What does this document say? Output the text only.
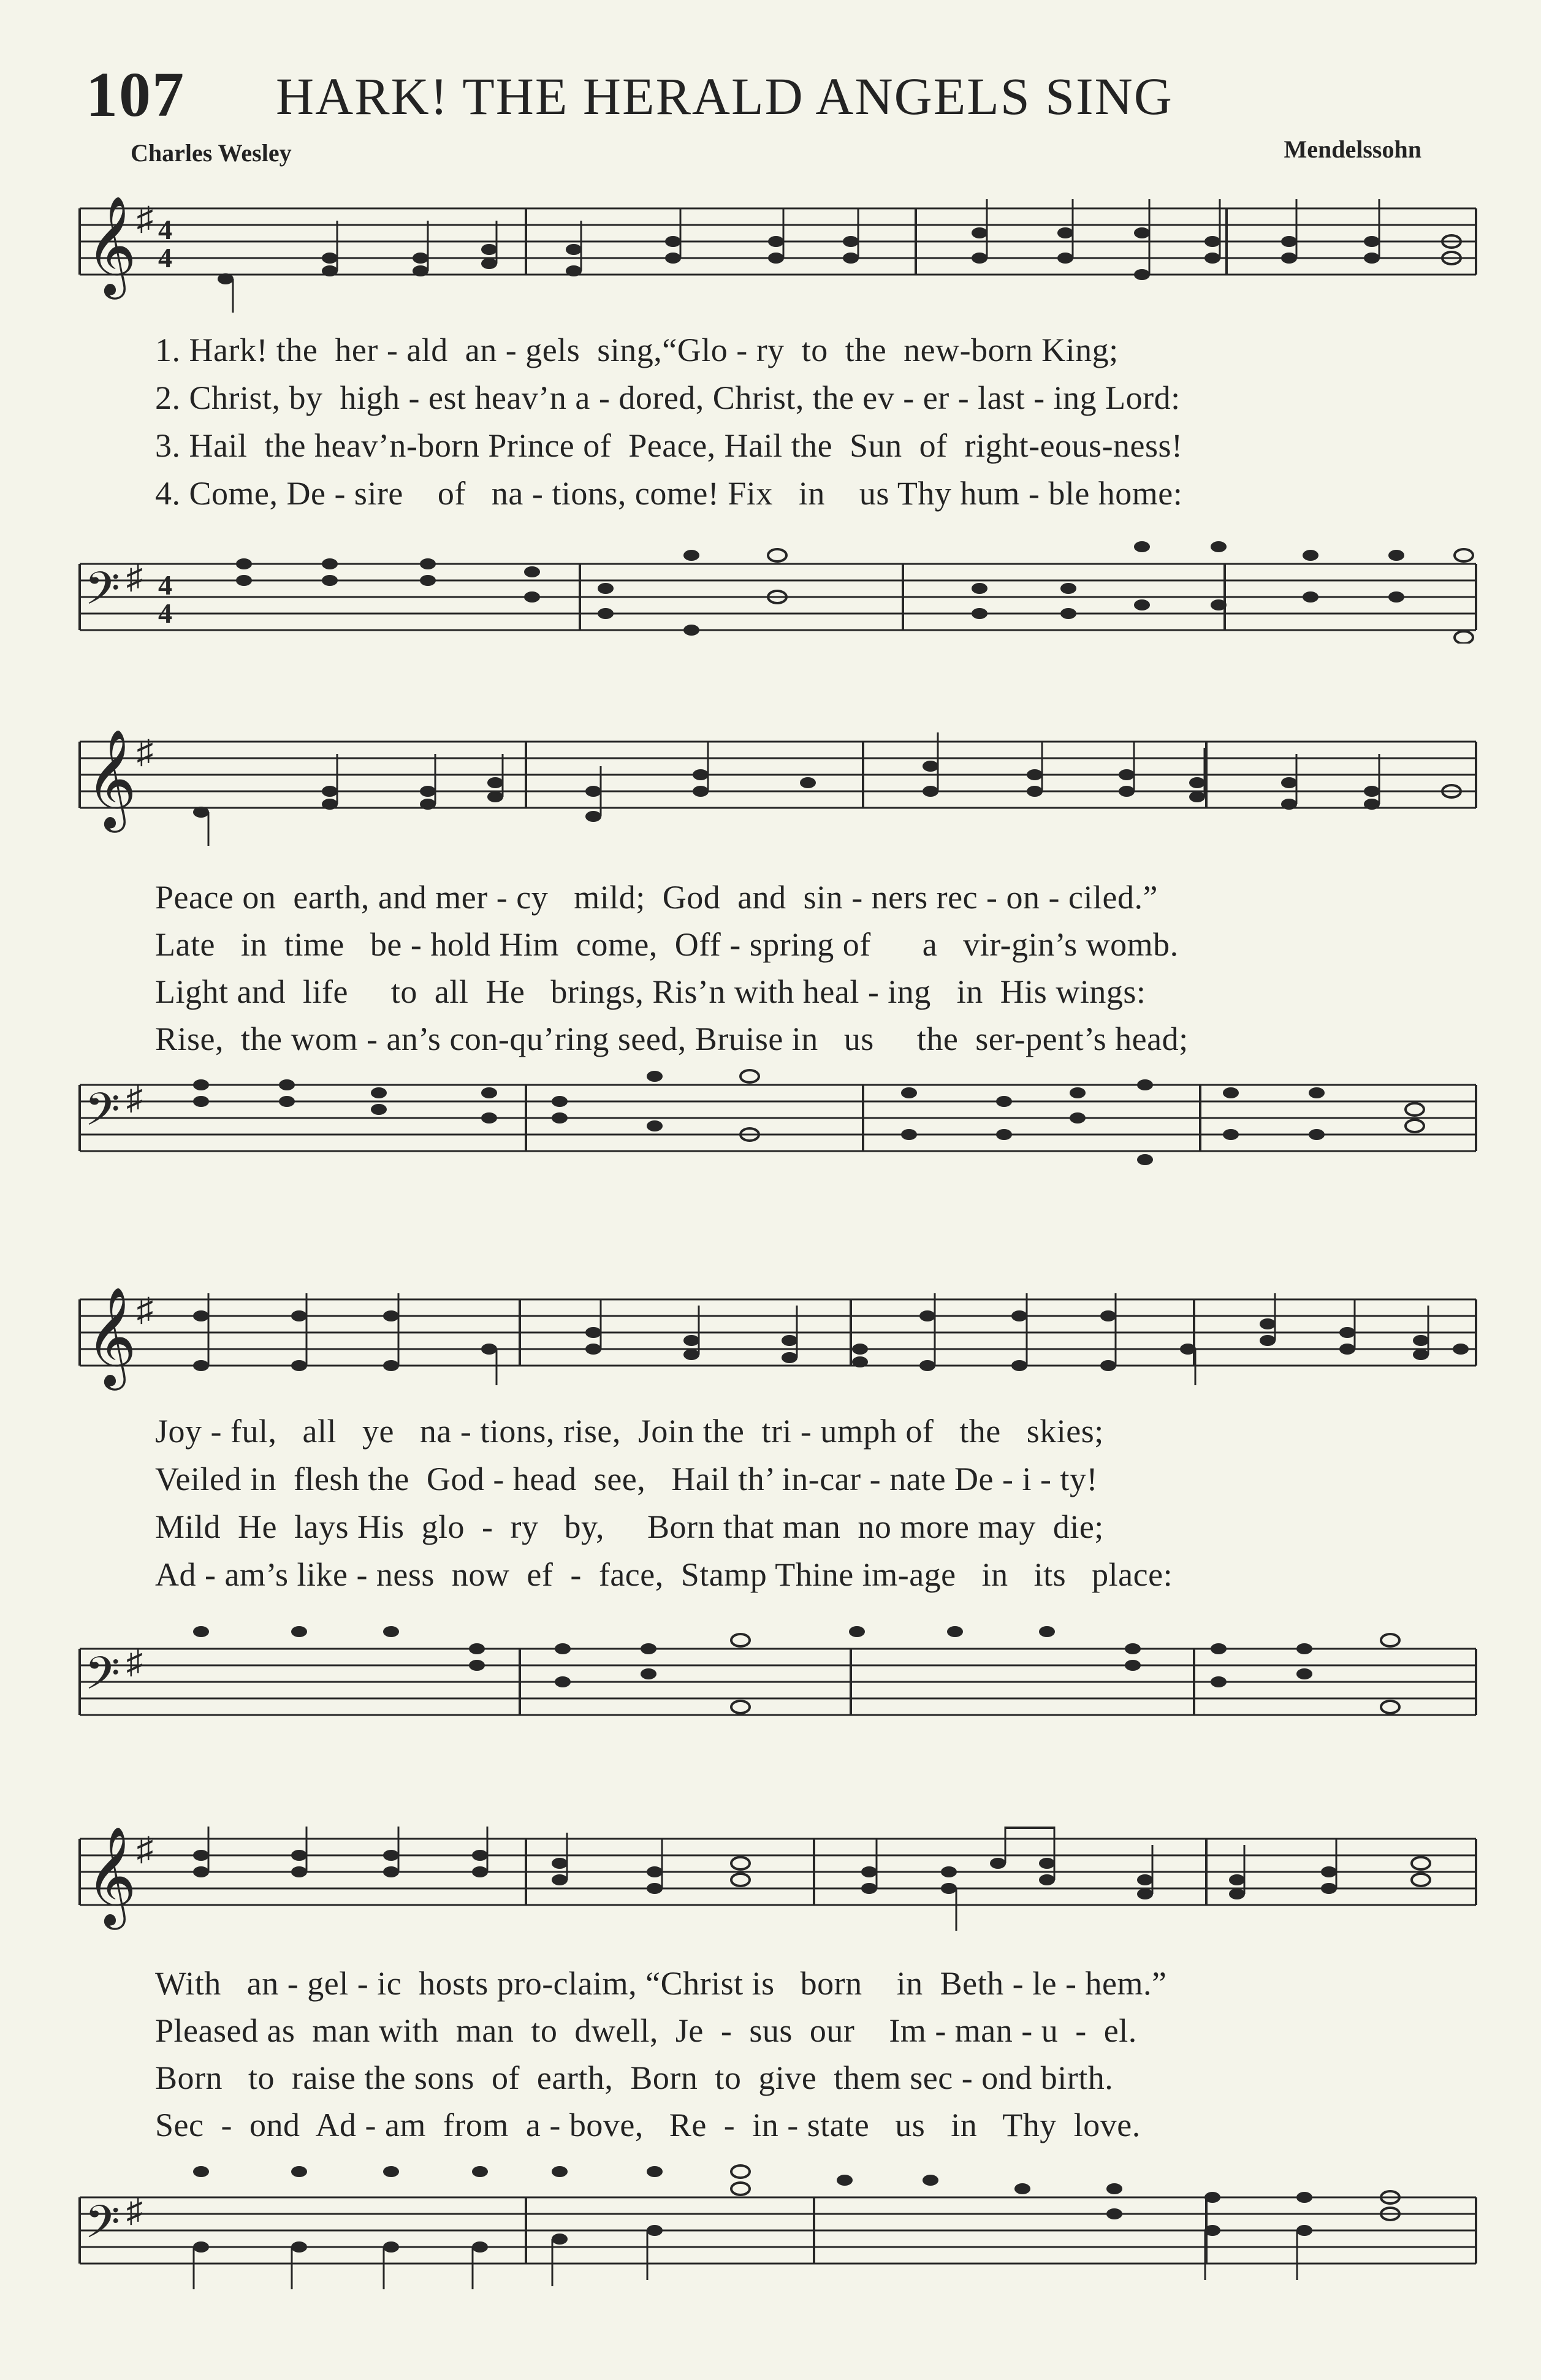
107 HARK! THE HERALD ANGELS SING
Charles Wesley	Mendelssohn
𝄞 ♯ 4
4
1. Hark! the  her - ald  an - gels  sing,“Glo - ry  to  the  new-born King;
2. Christ, by  high - est heav’n a - dored, Christ, the ev - er - last - ing Lord:
3. Hail  the heav’n-born Prince of  Peace, Hail the  Sun  of  right-eous-ness!
4. Come, De - sire    of   na - tions, come! Fix   in    us Thy hum - ble home:
𝄢 ♯ 4
4
𝄞 ♯
Peace on  earth, and mer - cy   mild;  God  and  sin - ners rec - on - ciled.”
Late   in  time   be - hold Him  come,  Off - spring of      a   vir-gin’s womb.
Light and  life     to  all  He   brings, Ris’n with heal - ing   in  His wings:
Rise,  the wom - an’s con-qu’ring seed, Bruise in   us     the  ser-pent’s head;
𝄢 ♯
𝄞 ♯
Joy - ful,   all   ye   na - tions, rise,  Join the  tri - umph of   the   skies;
Veiled in  flesh the  God - head  see,   Hail th’ in-car - nate De - i - ty!
Mild  He  lays His  glo  -  ry   by,     Born that man  no more may  die;
Ad - am’s like - ness  now  ef  -  face,  Stamp Thine im-age   in   its   place:
𝄢 ♯
𝄞 ♯
With   an - gel - ic  hosts pro-claim, “Christ is   born    in  Beth - le - hem.”
Pleased as  man with  man  to  dwell,  Je  -  sus  our    Im - man - u  -  el.
Born   to  raise the sons  of  earth,  Born  to  give  them sec - ond birth.
Sec  -  ond  Ad - am  from  a - bove,   Re  -  in - state   us   in   Thy  love.
𝄢 ♯
